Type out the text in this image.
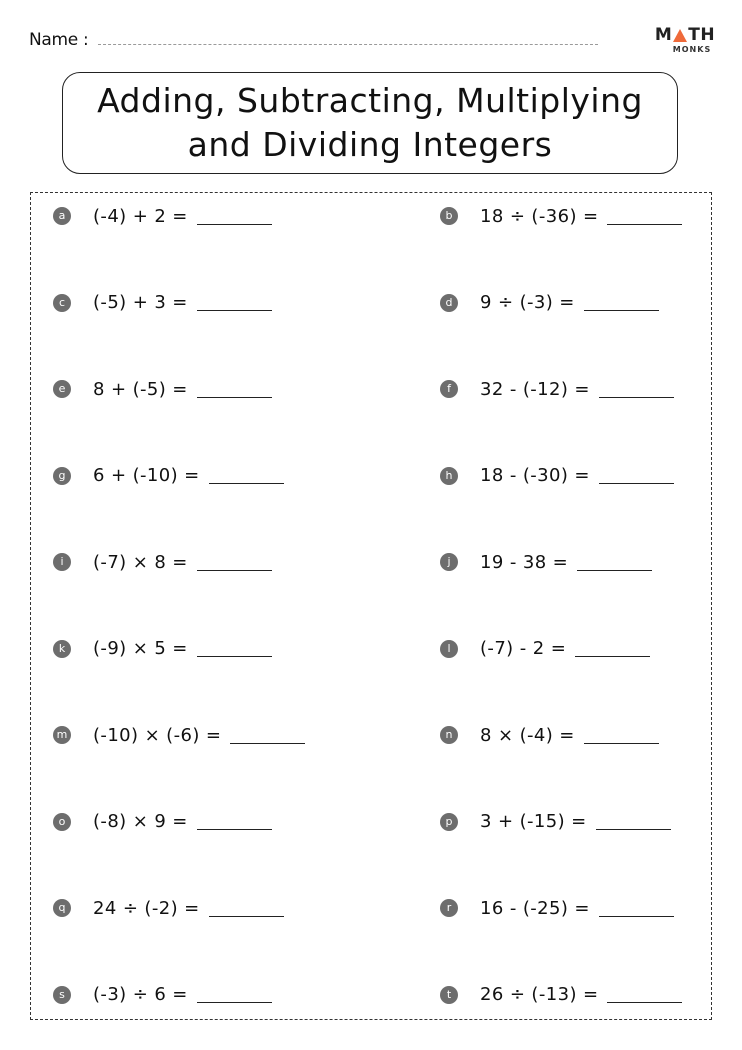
Name :	M TH
MONKS
Adding, Subtracting, Multiplying
and Dividing Integers
a	(-4) + 2 =	b	18 ÷ (-36) =
c	(-5) + 3 =	d	9 ÷ (-3) =
e	8 + (-5) =	f	32 - (-12) =
g	6 + (-10) =	h	18 - (-30) =
i	(-7) × 8 =	j	19 - 38 =
k	(-9) × 5 =	l	(-7) - 2 =
m (-10) × (-6) =	n	8 × (-4) =
o	(-8) × 9 =	p	3 + (-15) =
q	24 ÷ (-2) =	r	16 - (-25) =
s	(-3) ÷ 6 =	t	26 ÷ (-13) =
